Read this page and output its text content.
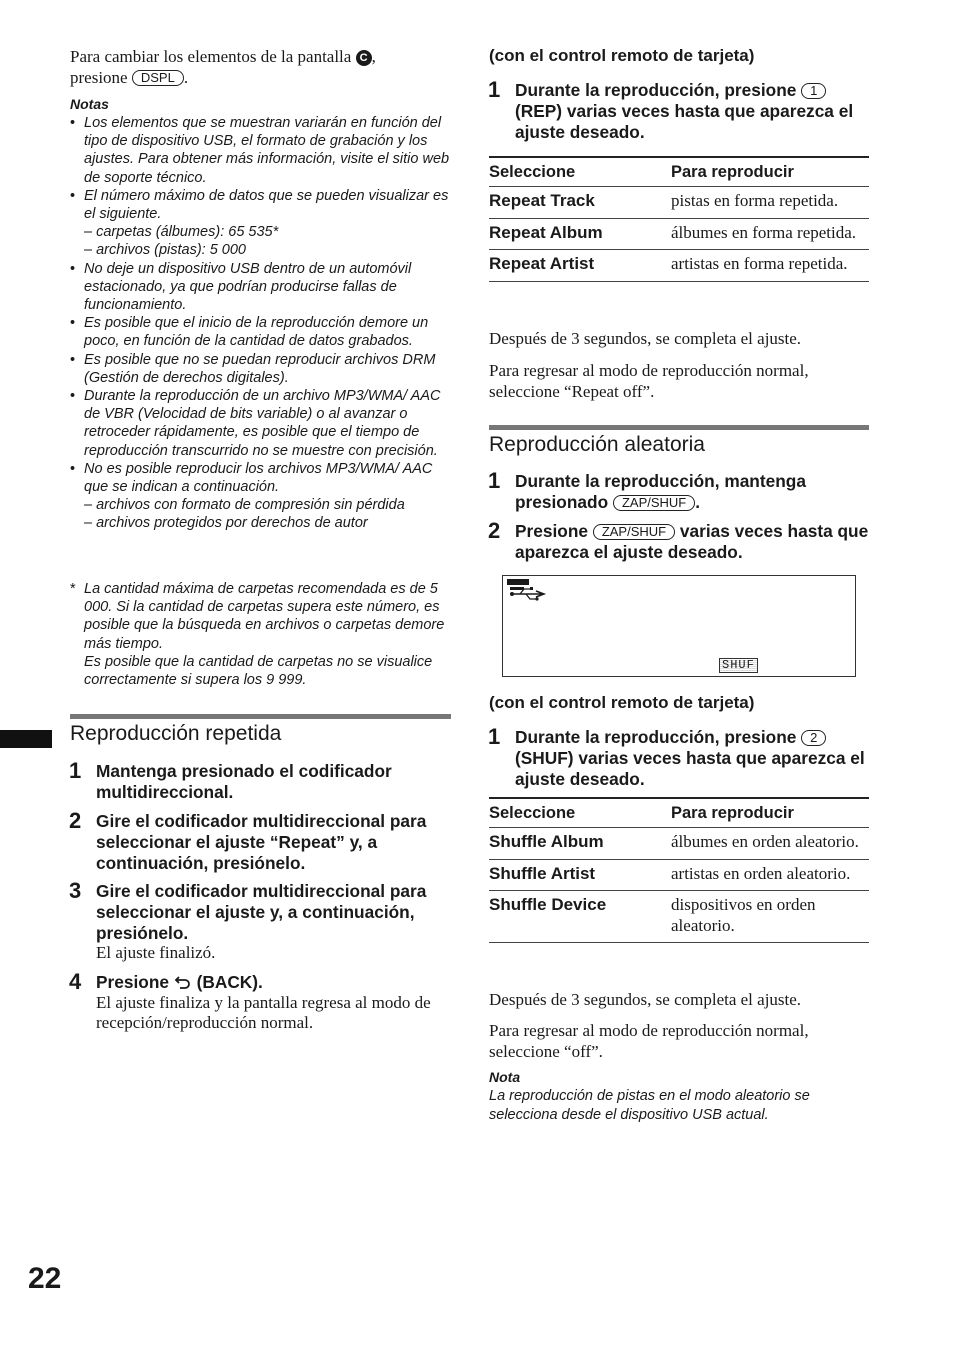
Para cambiar los elementos de la pantalla C ,
presione DSPL .
Notas
• Los elementos que se muestran variarán en función del tipo de dispositivo USB, el formato de grabación y los ajustes. Para obtener más información, visite el sitio web de soporte técnico.
• El número máximo de datos que se pueden visualizar es el siguiente.
– carpetas (álbumes): 65 535*
– archivos (pistas): 5 000
• No deje un dispositivo USB dentro de un automóvil estacionado, ya que podrían producirse fallas de funcionamiento.
• Es posible que el inicio de la reproducción demore un poco, en función de la cantidad de datos grabados.
• Es posible que no se puedan reproducir archivos DRM (Gestión de derechos digitales).
• Durante la reproducción de un archivo MP3/WMA/ AAC de VBR (Velocidad de bits variable) o al avanzar o retroceder rápidamente, es posible que el tiempo de reproducción transcurrido no se muestre con precisión.
• No es posible reproducir los archivos MP3/WMA/ AAC que se indican a continuación.
– archivos con formato de compresión sin pérdida
– archivos protegidos por derechos de autor
* La cantidad máxima de carpetas recomendada es de 5 000. Si la cantidad de carpetas supera este número, es posible que la búsqueda en archivos o carpetas demore más tiempo.
Es posible que la cantidad de carpetas no se visualice correctamente si supera los 9 999.
Reproducción repetida
1 Mantenga presionado el codificador multidireccional.
2 Gire el codificador multidireccional para seleccionar el ajuste “Repeat” y, a continuación, presiónelo.
3 Gire el codificador multidireccional para seleccionar el ajuste y, a continuación, presiónelo.
El ajuste finalizó.
4 Presione  (BACK).
El ajuste finaliza y la pantalla regresa al modo de recepción/reproducción normal.
(con el control remoto de tarjeta)
1 Durante la reproducción, presione 1 (REP) varias veces hasta que aparezca el ajuste deseado.
Seleccione	Para reproducir
Repeat Track	pistas en forma repetida.
Repeat Album	álbumes en forma repetida.
Repeat Artist	artistas en forma repetida.
Después de 3 segundos, se completa el ajuste.
Para regresar al modo de reproducción normal, seleccione “Repeat off”.
Reproducción aleatoria
1 Durante la reproducción, mantenga presionado ZAP/SHUF .
2 Presione ZAP/SHUF varias veces hasta que aparezca el ajuste deseado.
SHUF
(con el control remoto de tarjeta)
1 Durante la reproducción, presione 2 (SHUF) varias veces hasta que aparezca el ajuste deseado.
Seleccione	Para reproducir
Shuffle Album	álbumes en orden aleatorio.
Shuffle Artist	artistas en orden aleatorio.
Shuffle Device	dispositivos en orden aleatorio.
Después de 3 segundos, se completa el ajuste.
Para regresar al modo de reproducción normal, seleccione “off”.
Nota
La reproducción de pistas en el modo aleatorio se selecciona desde el dispositivo USB actual.
22
